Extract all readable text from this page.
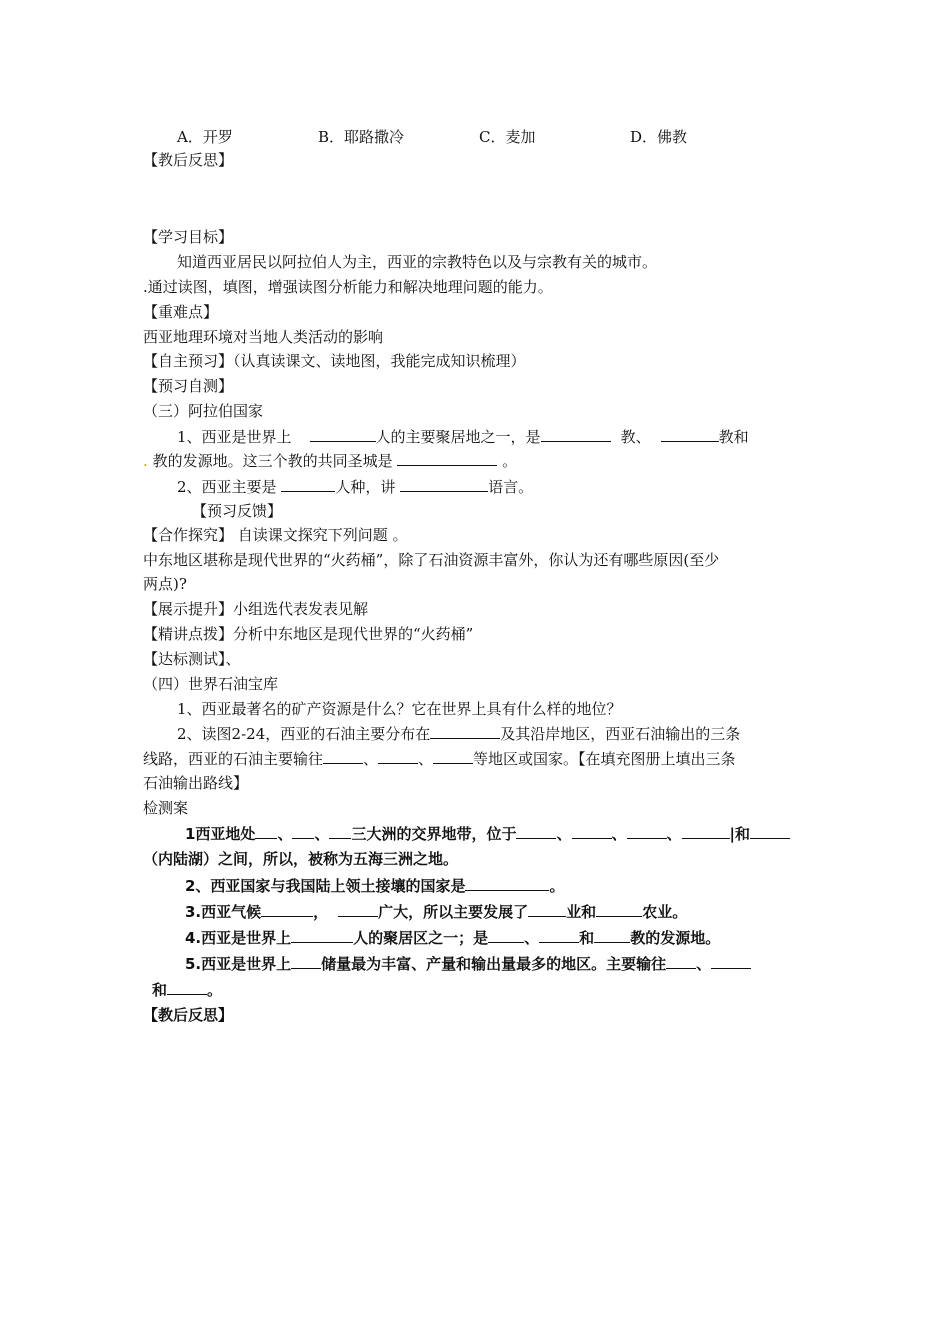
A．开罗	B．耶路撒冷	C．麦加	D．佛教
【教后反思】
【学习目标】
知道西亚居民以阿拉伯人为主，西亚的宗教特色以及与宗教有关的城市。
.通过读图，填图，增强读图分析能力和解决地理问题的能力。
【重难点】
西亚地理环境对当地人类活动的影响
【自主预习】（认真读课文、读地图，我能完成知识梳理）
【预习自测】
（三）阿拉伯国家
1、西亚是世界上	人的主要聚居地之一，是	教、	教和
. 教的发源地。这三个教的共同圣城是	。
2、西亚主要是	人种，讲	语言。
【预习反馈】
【合作探究】 自读课文探究下列问题 。
中东地区堪称是现代世界的“火药桶”，除了石油资源丰富外，你认为还有哪些原因(至少
两点)?
【展示提升】小组选代表发表见解
【精讲点拨】分析中东地区是现代世界的“火药桶”
【达标测试】、
（四）世界石油宝库
1、西亚最著名的矿产资源是什么？它在世界上具有什么样的地位？
2、读图2-24，西亚的石油主要分布在	及其沿岸地区，西亚石油输出的三条
线路，西亚的石油主要输往	、	、	等地区或国家。【在填充图册上填出三条
石油输出路线】
检测案
1西亚地处 、 、 三大洲的交界地带，位于	、	、	、	|和
（内陆湖）之间，所以，被称为五海三洲之地。
2、西亚国家与我国陆上领土接壤的国家是	。
3.西亚气候	，	广大，所以主要发展了	业和	农业。
4.西亚是世界上	人的聚居区之一；是 、	和 教的发源地。
5.西亚是世界上 储量最为丰富、产量和输出量最多的地区。主要输往 、
和	。
【教后反思】
